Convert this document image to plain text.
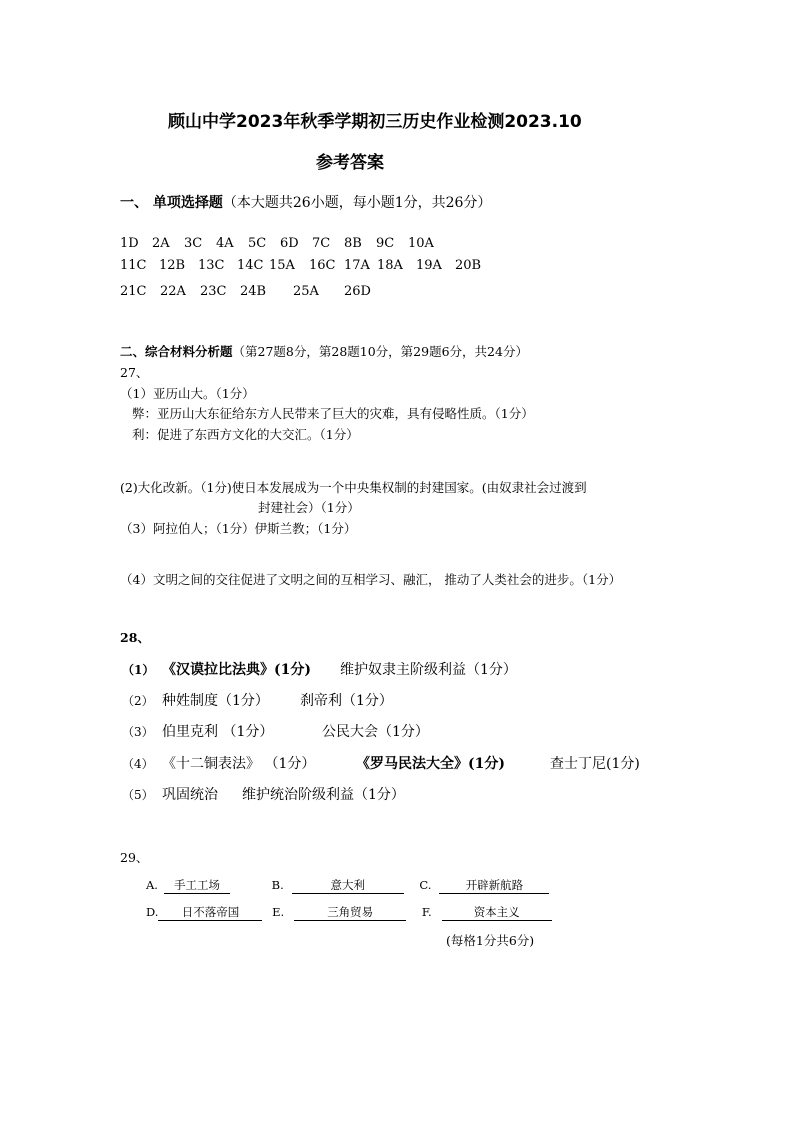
顾山中学2023年秋季学期初三历史作业检测2023.10
参考答案
一、 单项选择题（本大题共26小题，每小题1分，共26分）
1D 2A 3C 4A 5C 6D 7C 8B 9C 10A
11C 12B 13C 14C 15A 16C 17A 18A 19A 20B
21C 22A 23C 24B 25A 26D
二、综合材料分析题（第27题8分，第28题10分，第29题6分，共24分）
27、
（1）亚历山大。（1分）
弊：亚历山大东征给东方人民带来了巨大的灾难，具有侵略性质。（1分）
利：促进了东西方文化的大交汇。（1分）
(2)大化改新。（1分)使日本发展成为一个中央集权制的封建国家。(由奴隶社会过渡到
封建社会）（1分）
（3）阿拉伯人；（1分）伊斯兰教；（1分）
（4）文明之间的交往促进了文明之间的互相学习、融汇， 推动了人类社会的进步。（1分）
28、
（1） 《汉谟拉比法典》(1分) 维护奴隶主阶级利益（1分）
（2） 种姓制度（1分） 刹帝利（1分）
（3） 伯里克利 （1分）	公民大会（1分）
（4） 《十二铜表法》 （1分）	《罗马民法大全》(1分)	查士丁尼(1分)
（5） 巩固统治 维护统治阶级利益（1分）
29、
A. 手工工场	B.	意大利	C.	开辟新航路
D. 日不落帝国	E.	三角贸易	F.	资本主义
(每格1分共6分)
